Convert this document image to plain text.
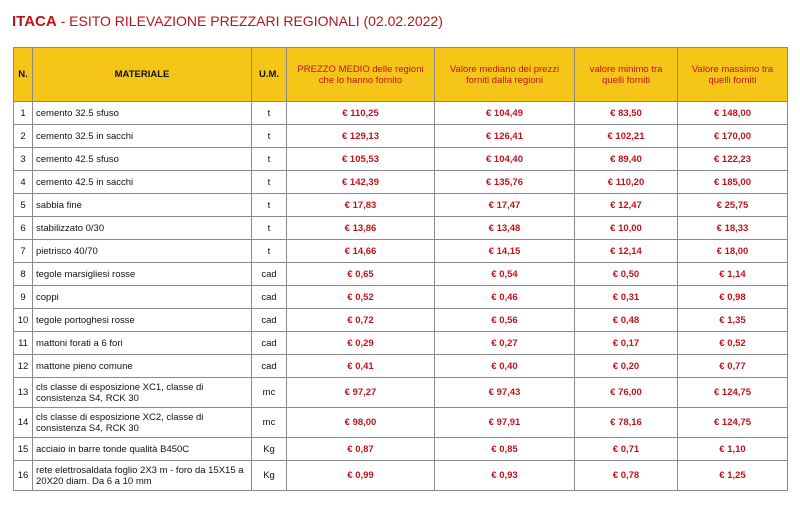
ITACA - ESITO RILEVAZIONE PREZZARI REGIONALI (02.02.2022)
N.	MATERIALE	U.M.	PREZZO MEDIO delle regioni che lo hanno fornito	Valore mediano dei prezzi forniti dalla regioni	valore minimo tra quelli forniti	Valore massimo tra quelli forniti
1	cemento 32.5 sfuso	t	€ 110,25	€ 104,49	€ 83,50	€ 148,00
2	cemento 32.5 in sacchi	t	€ 129,13	€ 126,41	€ 102,21	€ 170,00
3	cemento 42.5 sfuso	t	€ 105,53	€ 104,40	€ 89,40	€ 122,23
4	cemento 42.5 in sacchi	t	€ 142,39	€ 135,76	€ 110,20	€ 185,00
5	sabbia fine	t	€ 17,83	€ 17,47	€ 12,47	€ 25,75
6	stabilizzato 0/30	t	€ 13,86	€ 13,48	€ 10,00	€ 18,33
7	pietrisco 40/70	t	€ 14,66	€ 14,15	€ 12,14	€ 18,00
8	tegole marsigliesi rosse	cad	€ 0,65	€ 0,54	€ 0,50	€ 1,14
9	coppi	cad	€ 0,52	€ 0,46	€ 0,31	€ 0,98
10	tegole portoghesi rosse	cad	€ 0,72	€ 0,56	€ 0,48	€ 1,35
11	mattoni forati a 6 fori	cad	€ 0,29	€ 0,27	€ 0,17	€ 0,52
12	mattone pieno comune	cad	€ 0,41	€ 0,40	€ 0,20	€ 0,77
13	cls classe di esposizione XC1, classe di consistenza S4, RCK 30	mc	€ 97,27	€ 97,43	€ 76,00	€ 124,75
14	cls classe di esposizione XC2, classe di consistenza S4, RCK 30	mc	€ 98,00	€ 97,91	€ 78,16	€ 124,75
15	acciaio in barre tonde qualità B450C	Kg	€ 0,87	€ 0,85	€ 0,71	€ 1,10
16	rete elettrosaldata foglio 2X3 m - foro da 15X15 a 20X20 diam. Da 6 a 10 mm	Kg	€ 0,99	€ 0,93	€ 0,78	€ 1,25
